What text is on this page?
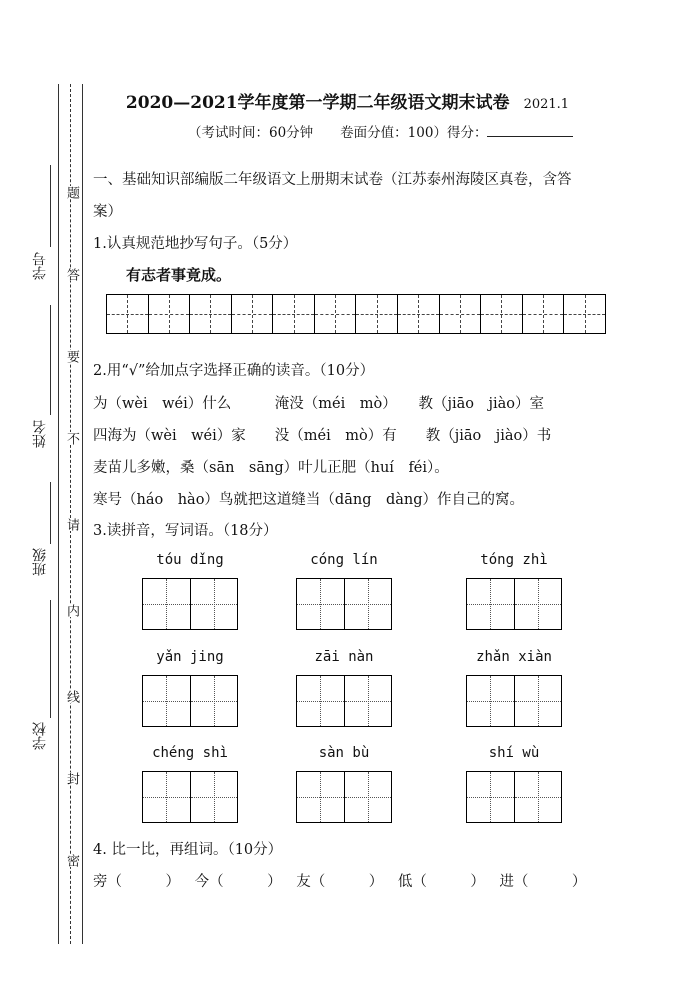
题
答
要
不
请
内
线
封
密
学号
姓名
班级
学校
2020—2021学年度第一学期二年级语文期末试卷 2021.1
（考试时间：60分钟　　卷面分值：100）得分：
一、基础知识部编版二年级语文上册期末试卷（江苏泰州海陵区真卷，含答
案）
1.认真规范地抄写句子。（5分）
有志者事竟成。
2.用“√”给加点字选择正确的读音。（10分）
为（wèi　wéi）什么　　　淹没（méi　mò）　　教（jiāo　jiào）室
四海为（wèi　wéi）家　　没（méi　mò）有　　教（jiāo　jiào）书
麦苗儿多嫩，桑（sān　sāng）叶儿正肥（huí　féi）。
寒号（háo　hào）鸟就把这道缝当（dāng　dàng）作自己的窝。
3.读拼音，写词语。（18分）
tóu dǐng	cóng lín	tóng zhì
yǎn jing	zāi nàn	zhǎn xiàn
chéng shì	sàn bù	shí wù
4. 比一比，再组词。（10分）
旁（　　　） 今（　　　） 友（　　　） 低（　　　） 进（　　　）
